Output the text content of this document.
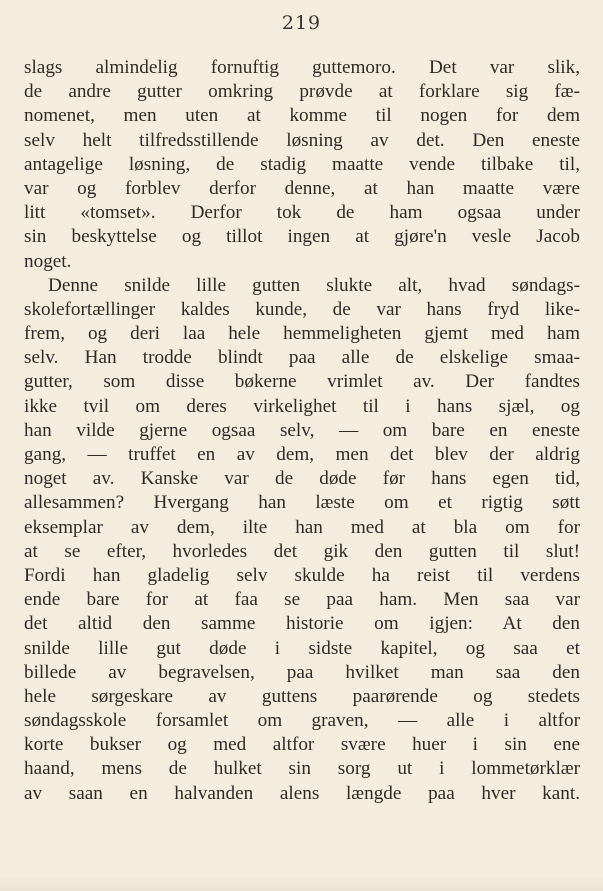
219
slags almindelig fornuftig guttemoro. Det var slik,
de andre gutter omkring prøvde at forklare sig fæ-
nomenet, men uten at komme til nogen for dem
selv helt tilfredsstillende løsning av det. Den eneste
antagelige løsning, de stadig maatte vende tilbake til,
var og forblev derfor denne, at han maatte være
litt «tomset». Derfor tok de ham ogsaa under
sin beskyttelse og tillot ingen at gjøre'n vesle Jacob
noget.
Denne snilde lille gutten slukte alt, hvad søndags-
skolefortællinger kaldes kunde, de var hans fryd like-
frem, og deri laa hele hemmeligheten gjemt med ham
selv. Han trodde blindt paa alle de elskelige smaa-
gutter, som disse bøkerne vrimlet av. Der fandtes
ikke tvil om deres virkelighet til i hans sjæl, og
han vilde gjerne ogsaa selv, — om bare en eneste
gang, — truffet en av dem, men det blev der aldrig
noget av. Kanske var de døde før hans egen tid,
allesammen? Hvergang han læste om et rigtig søtt
eksemplar av dem, ilte han med at bla om for
at se efter, hvorledes det gik den gutten til slut!
Fordi han gladelig selv skulde ha reist til verdens
ende bare for at faa se paa ham. Men saa var
det altid den samme historie om igjen: At den
snilde lille gut døde i sidste kapitel, og saa et
billede av begravelsen, paa hvilket man saa den
hele sørgeskare av guttens paarørende og stedets
søndagsskole forsamlet om graven, — alle i altfor
korte bukser og med altfor svære huer i sin ene
haand, mens de hulket sin sorg ut i lommetørklær
av saan en halvanden alens længde paa hver kant.
